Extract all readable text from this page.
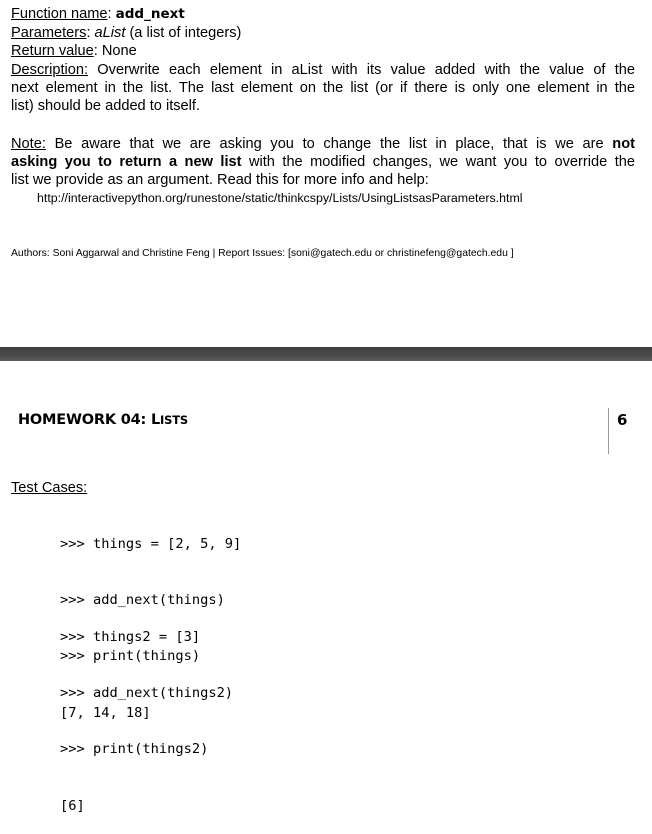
Function name: add_next
Parameters: aList (a list of integers)
Return value: None
Description: Overwrite each element in aList with its value added with the value of the
next element in the list. The last element on the list (or if there is only one element in the
list) should be added to itself.
Note: Be aware that we are asking you to change the list in place, that is we are not
asking you to return a new list with the modified changes, we want you to override the
list we provide as an argument. Read this for more info and help:
http://interactivepython.org/runestone/static/thinkcspy/Lists/UsingListsasParameters.html
Authors: Soni Aggarwal and Christine Feng | Report Issues: [soni@gatech.edu or christinefeng@gatech.edu ]
HOMEWORK 04: LISTS	6
Test Cases:

>>> things = [2, 5, 9]

>>> add_next(things)

>>> print(things)

[7, 14, 18]

>>> things2 = [3]

>>> add_next(things2)

>>> print(things2)

[6]
